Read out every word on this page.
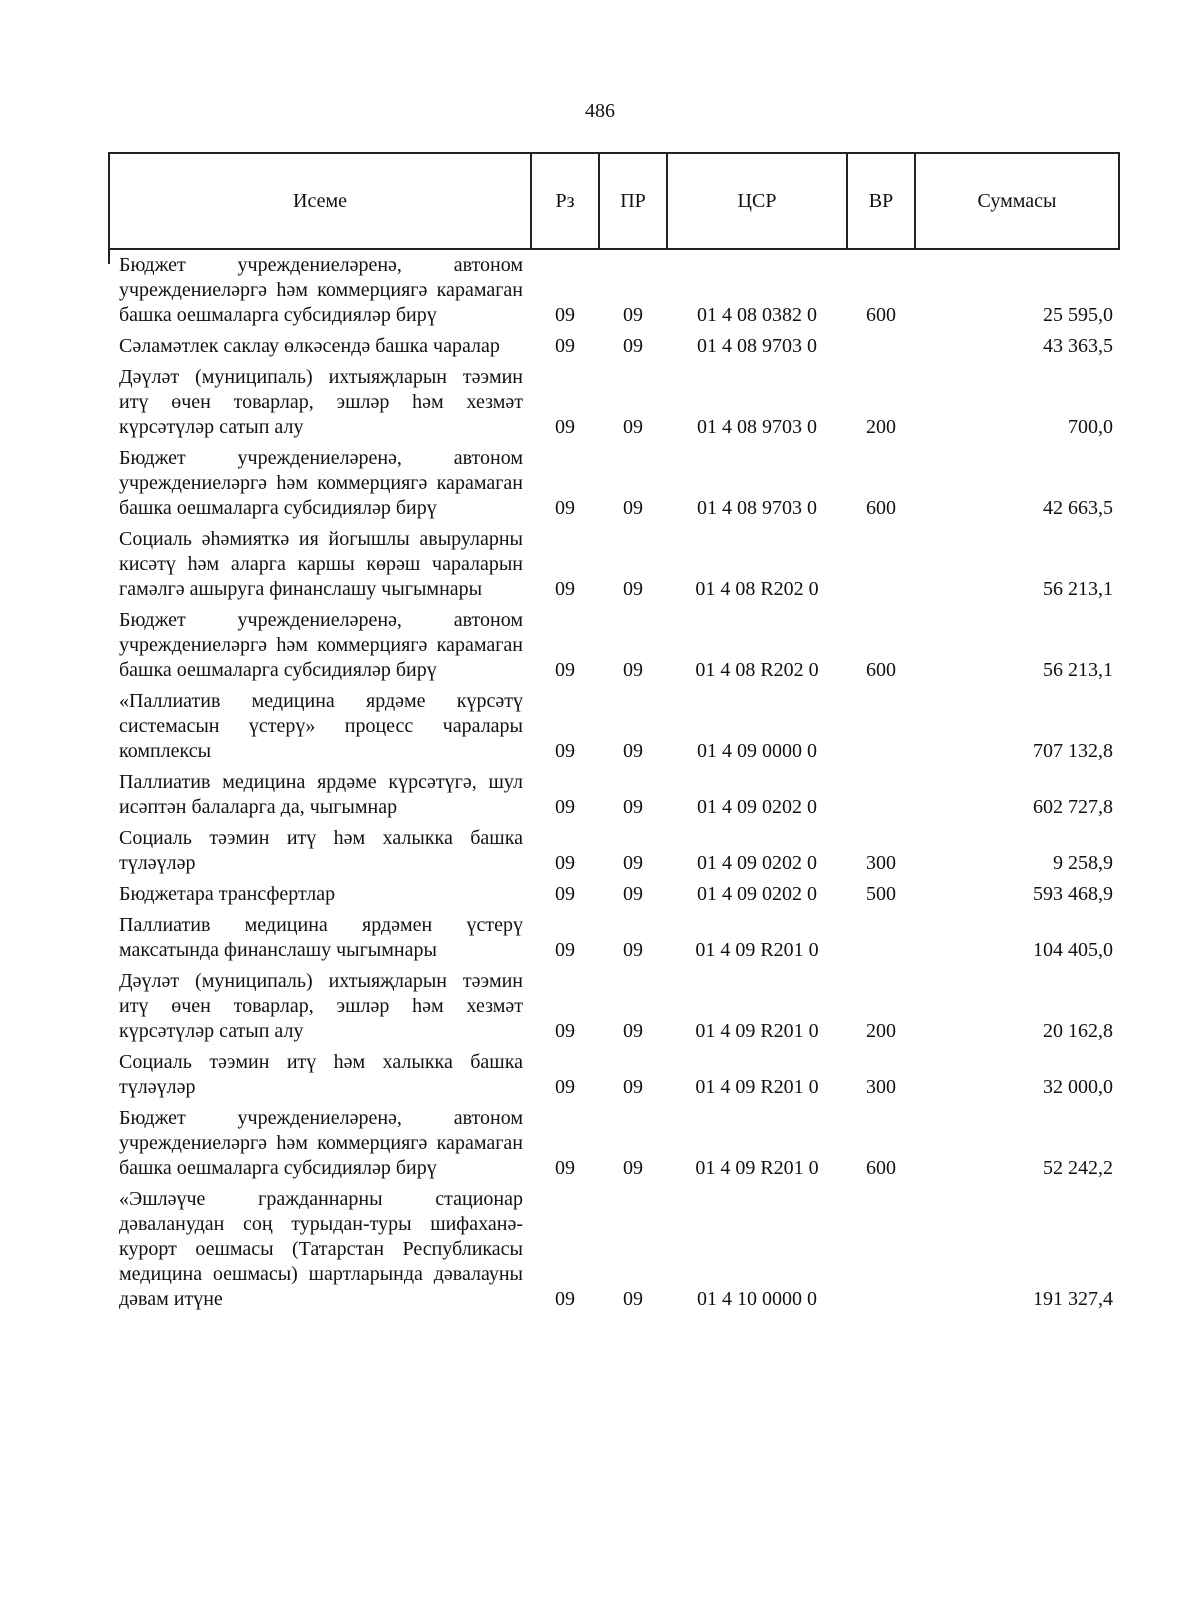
486
Исеме	Рз	ПР	ЦСР	ВР	Суммасы
Бюджет учреждениеләренә, автоном учреждениеләргә һәм коммерциягә карамаган башка оешмаларга субсидияләр бирү	09	09	01 4 08 0382 0	600	25 595,0
Сәламәтлек саклау өлкәсендә башка чаралар	09	09	01 4 08 9703 0		43 363,5
Дәүләт (муниципаль) ихтыяҗларын тәэмин итү өчен товарлар, эшләр һәм хезмәт күрсәтүләр сатып алу	09	09	01 4 08 9703 0	200	700,0
Бюджет учреждениеләренә, автоном учреждениеләргә һәм коммерциягә карамаган башка оешмаларга субсидияләр бирү	09	09	01 4 08 9703 0	600	42 663,5
Социаль әһәмияткә ия йогышлы авыруларны кисәтү һәм аларга каршы көрәш чараларын гамәлгә ашыруга финанслашу чыгымнары	09	09	01 4 08 R202 0		56 213,1
Бюджет учреждениеләренә, автоном учреждениеләргә һәм коммерциягә карамаган башка оешмаларга субсидияләр бирү	09	09	01 4 08 R202 0	600	56 213,1
«Паллиатив медицина ярдәме күрсәтү системасын үстерү» процесс чаралары комплексы	09	09	01 4 09 0000 0		707 132,8
Паллиатив медицина ярдәме күрсәтүгә, шул исәптән балаларга да, чыгымнар	09	09	01 4 09 0202 0		602 727,8
Социаль тәэмин итү һәм халыкка башка түләүләр	09	09	01 4 09 0202 0	300	9 258,9
Бюджетара трансфертлар	09	09	01 4 09 0202 0	500	593 468,9
Паллиатив медицина ярдәмен үстерү максатында финанслашу чыгымнары	09	09	01 4 09 R201 0		104 405,0
Дәүләт (муниципаль) ихтыяҗларын тәэмин итү өчен товарлар, эшләр һәм хезмәт күрсәтүләр сатып алу	09	09	01 4 09 R201 0	200	20 162,8
Социаль тәэмин итү һәм халыкка башка түләүләр	09	09	01 4 09 R201 0	300	32 000,0
Бюджет учреждениеләренә, автоном учреждениеләргә һәм коммерциягә карамаган башка оешмаларга субсидияләр бирү	09	09	01 4 09 R201 0	600	52 242,2
«Эшләүче гражданнарны стационар дәваланудан соң турыдан-туры шифаханә-курорт оешмасы (Татарстан Республикасы медицина оешмасы) шартларында дәвалауны дәвам итүне	09	09	01 4 10 0000 0		191 327,4
